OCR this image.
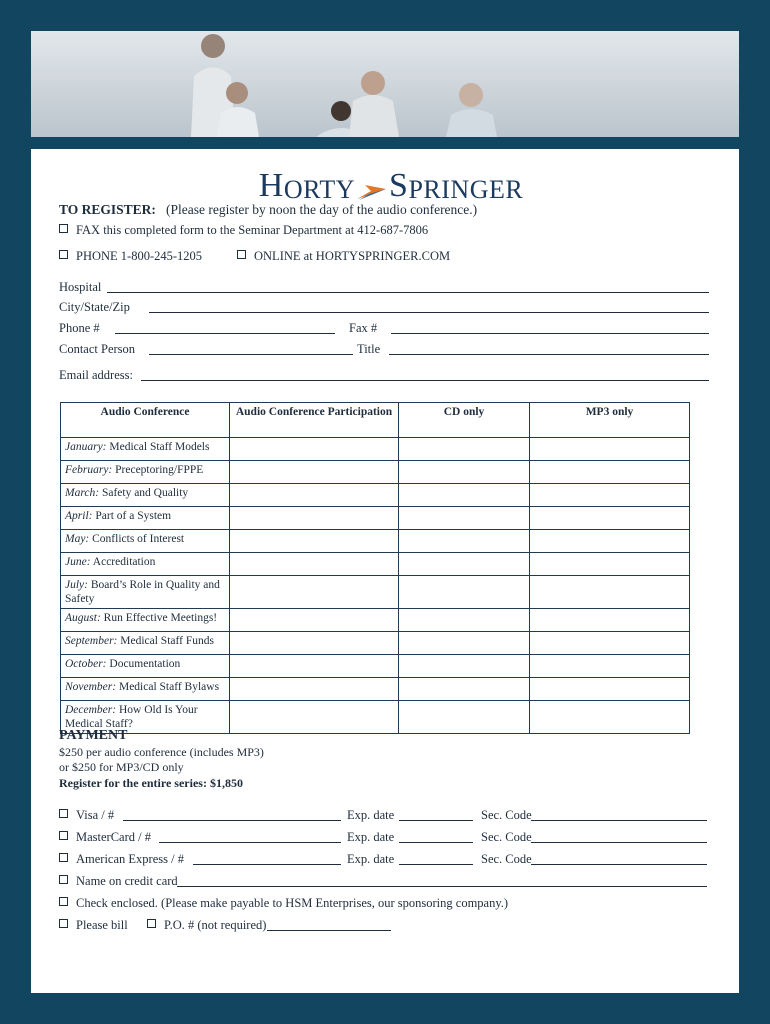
H ORTY S PRINGER
TO REGISTER: (Please register by noon the day of the audio conference.)
FAX this completed form to the Seminar Department at 412-687-7806
PHONE 1-800-245-1205	ONLINE at HORTYSPRINGER.COM
Hospital
City/State/Zip
Phone #	Fax #
Contact Person	Title
Email address:
Audio Conference	Audio Conference Participation	CD only	MP3 only
January: Medical Staff Models			
February: Preceptoring/FPPE			
March: Safety and Quality			
April: Part of a System			
May: Conflicts of Interest			
June: Accreditation			
July: Board’s Role in Quality and Safety			
August: Run Effective Meetings!			
September: Medical Staff Funds			
October: Documentation			
November: Medical Staff Bylaws			
December: How Old Is Your Medical Staff?			
PAYMENT
$250 per audio conference (includes MP3)
or $250 for MP3/CD only
Register for the entire series: $1,850
Visa / #	Exp. date	Sec. Code
MasterCard / #	Exp. date	Sec. Code
American Express / #	Exp. date	Sec. Code
Name on credit card
Check enclosed. (Please make payable to HSM Enterprises, our sponsoring company.)
Please bill	P.O. # (not required)
